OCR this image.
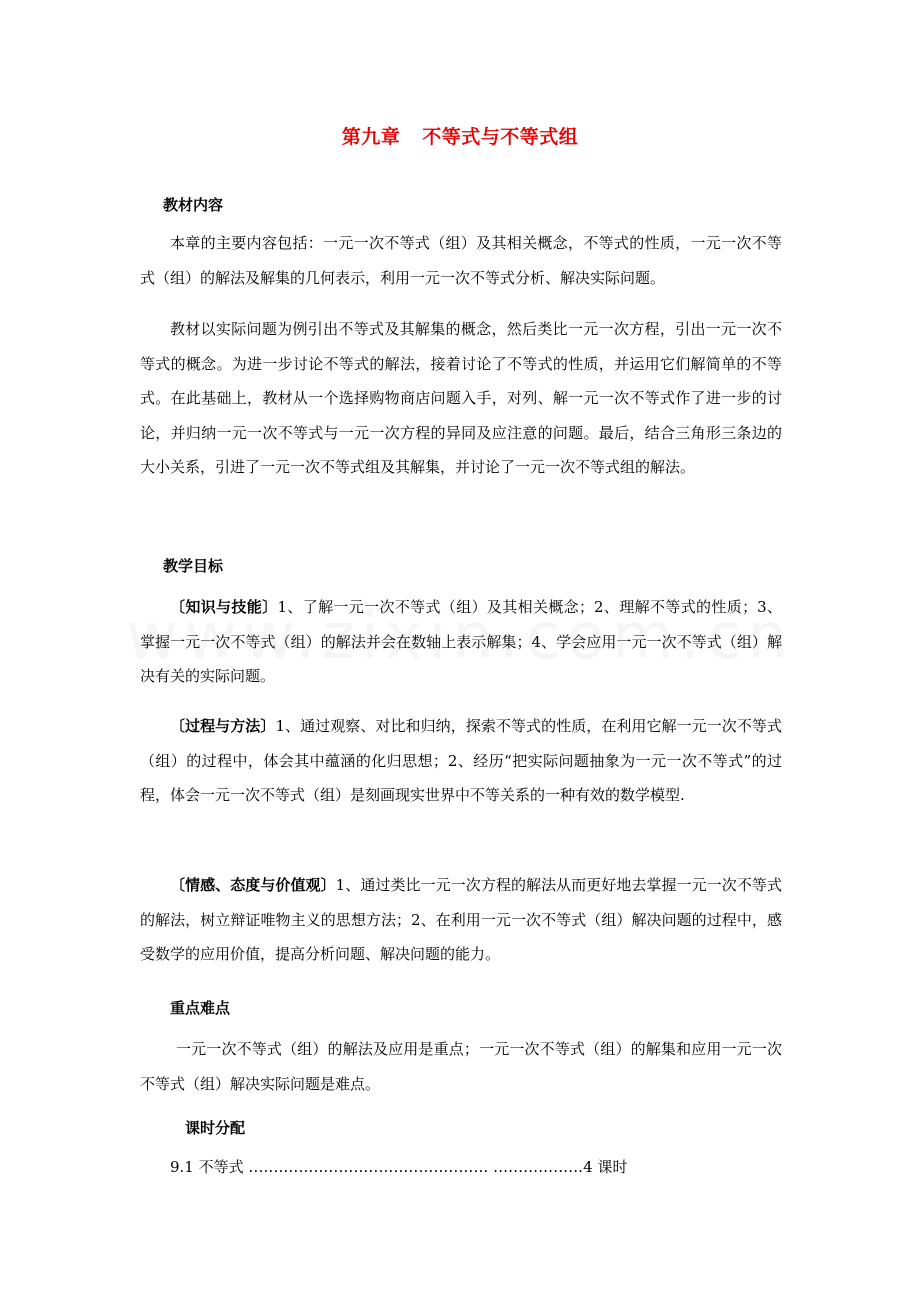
第九章 不等式与不等式组
教材内容

本章的主要内容包括：一元一次不等式（组）及其相关概念，不等式的性质，一元一次不等式（组）的解法及解集的几何表示，利用一元一次不等式分析、解决实际问题。

教材以实际问题为例引出不等式及其解集的概念，然后类比一元一次方程，引出一元一次不等式的概念。为进一步讨论不等式的解法，接着讨论了不等式的性质，并运用它们解简单的不等式。在此基础上，教材从一个选择购物商店问题入手，对列、解一元一次不等式作了进一步的讨论，并归纳一元一次不等式与一元一次方程的异同及应注意的问题。最后，结合三角形三条边的大小关系，引进了一元一次不等式组及其解集，并讨论了一元一次不等式组的解法。

教学目标

〔知识与技能〕1、了解一元一次不等式（组）及其相关概念；2、理解不等式的性质；3、掌握一元一次不等式（组）的解法并会在数轴上表示解集；4、学会应用一元一次不等式（组）解决有关的实际问题。

〔过程与方法〕1、通过观察、对比和归纳，探索不等式的性质，在利用它解一元一次不等式（组）的过程中，体会其中蕴涵的化归思想；2、经历“把实际问题抽象为一元一次不等式”的过程，体会一元一次不等式（组）是刻画现实世界中不等关系的一种有效的数学模型.

〔情感、态度与价值观〕1、通过类比一元一次方程的解法从而更好地去掌握一元一次不等式的解法，树立辩证唯物主义的思想方法；2、在利用一元一次不等式（组）解决问题的过程中，感受数学的应用价值，提高分析问题、解决问题的能力。

重点难点

一元一次不等式（组）的解法及应用是重点；一元一次不等式（组）的解集和应用一元一次不等式（组）解决实际问题是难点。

课时分配
9.1 不等式 ………………………………………… ………………4 课时
